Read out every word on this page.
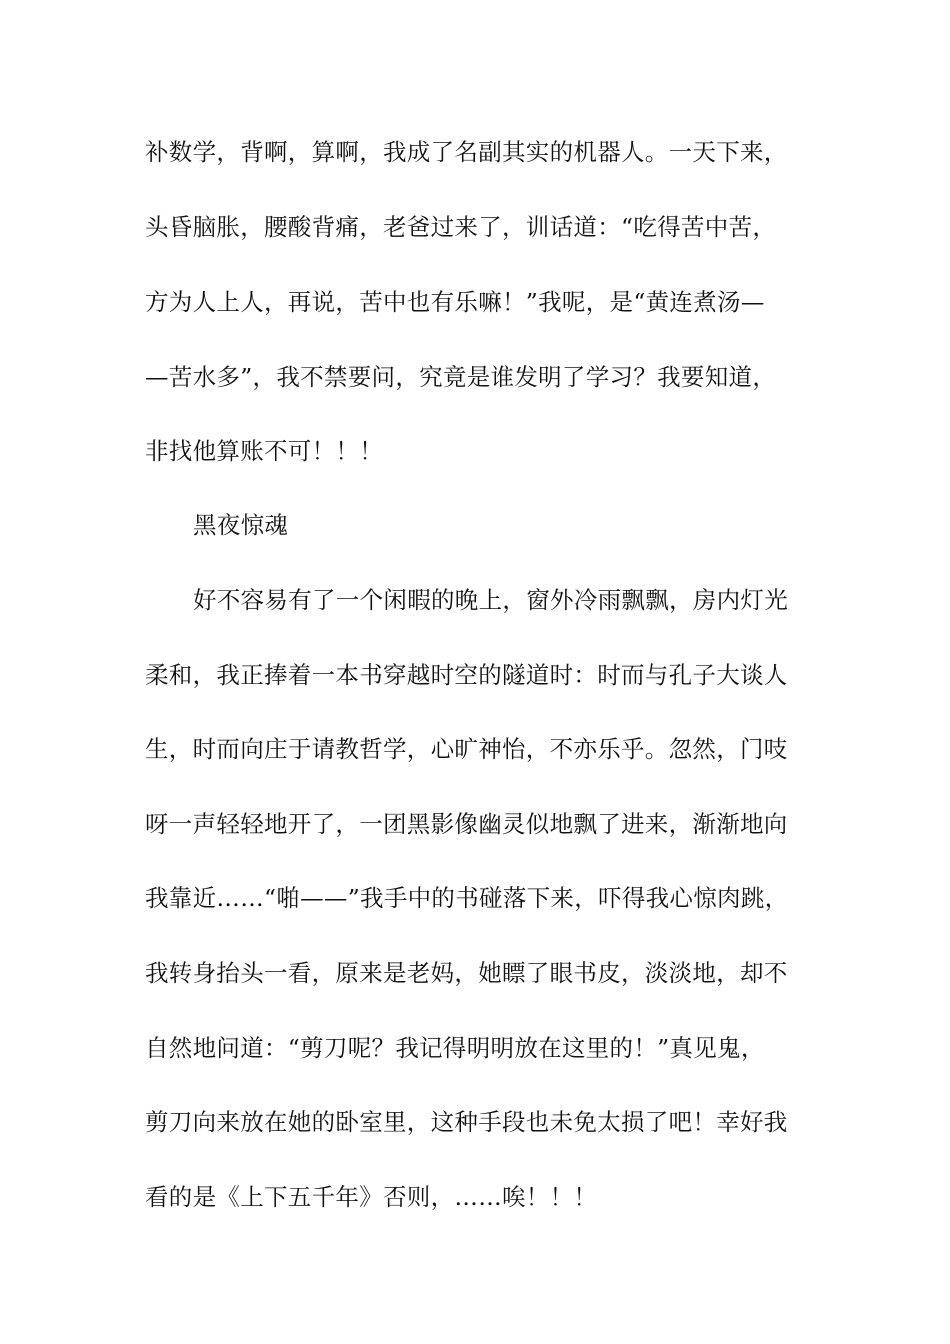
补数学，背啊，算啊，我成了名副其实的机器人。一天下来，

头昏脑胀，腰酸背痛，老爸过来了，训话道：“吃得苦中苦，

方为人上人，再说，苦中也有乐嘛！”我呢，是“黄连煮汤—

—苦水多”，我不禁要问，究竟是谁发明了学习？我要知道，

非找他算账不可！！！

黑夜惊魂

好不容易有了一个闲暇的晚上，窗外冷雨飘飘，房内灯光

柔和，我正捧着一本书穿越时空的隧道时：时而与孔子大谈人

生，时而向庄于请教哲学，心旷神怡，不亦乐乎。忽然，门吱

呀一声轻轻地开了，一团黑影像幽灵似地飘了进来，渐渐地向

我靠近……“啪——”我手中的书碰落下来，吓得我心惊肉跳，

我转身抬头一看，原来是老妈，她瞟了眼书皮，淡淡地，却不

自然地问道：“剪刀呢？我记得明明放在这里的！”真见鬼，

剪刀向来放在她的卧室里，这种手段也未免太损了吧！幸好我

看的是《上下五千年》否则，……唉！！！
